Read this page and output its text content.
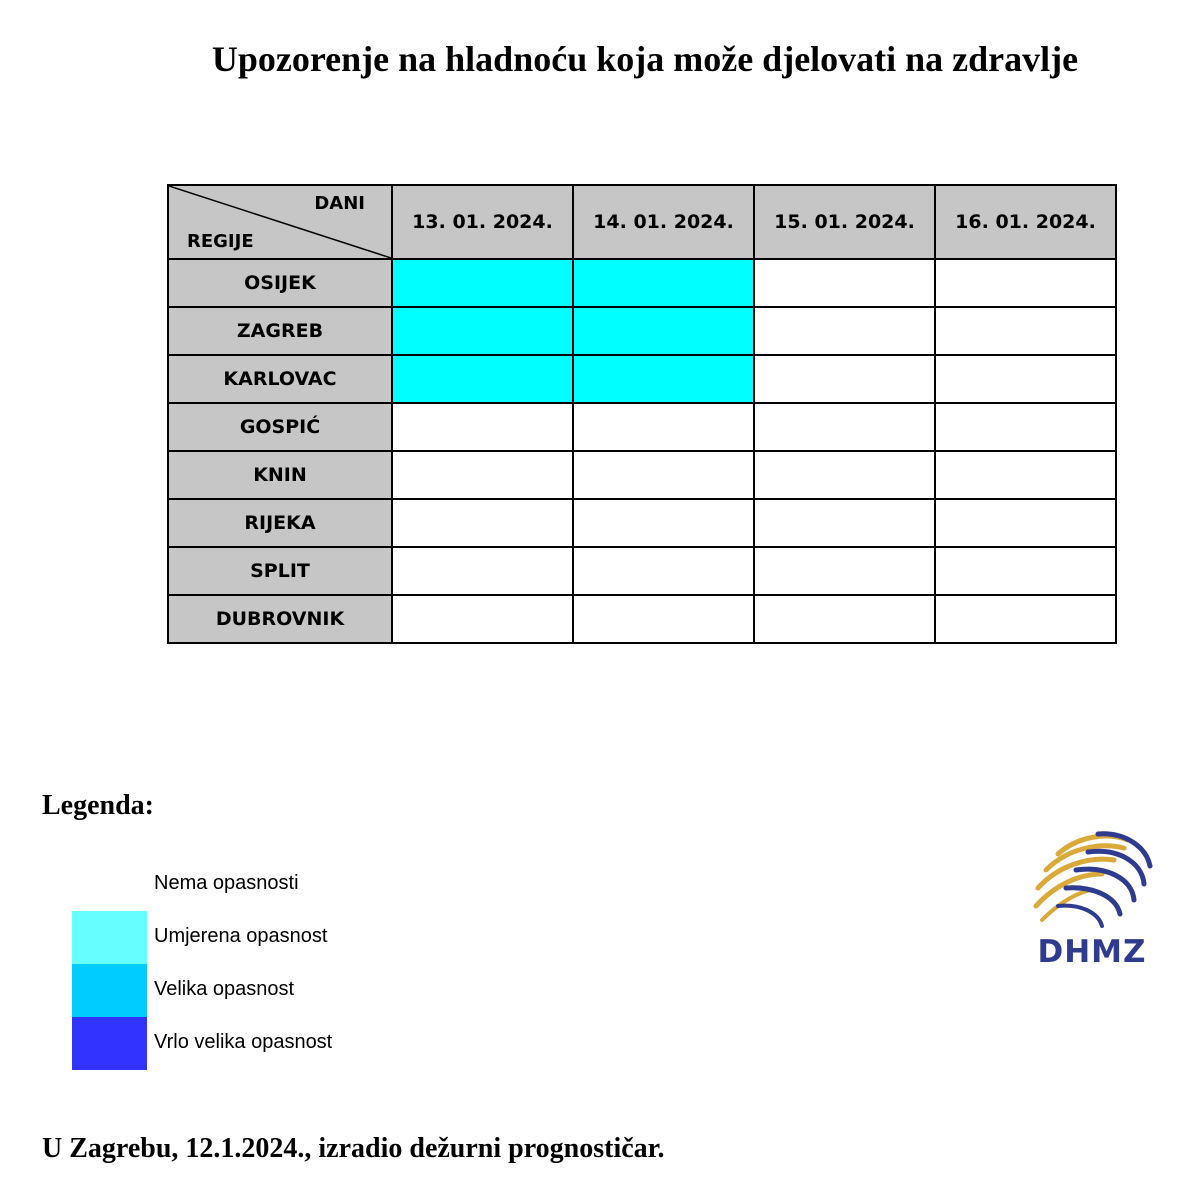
Upozorenje na hladnoću koja može djelovati na zdravlje
DANI
REGIJE	13. 01. 2024.	14. 01. 2024.	15. 01. 2024.	16. 01. 2024.
OSIJEK				
ZAGREB				
KARLOVAC				
GOSPIĆ				
KNIN				
RIJEKA				
SPLIT				
DUBROVNIK				
Legenda:
Nema opasnosti
Umjerena opasnost
Velika opasnost
Vrlo velika opasnost
DHMZ
U Zagrebu, 12.1.2024., izradio dežurni prognostičar.
